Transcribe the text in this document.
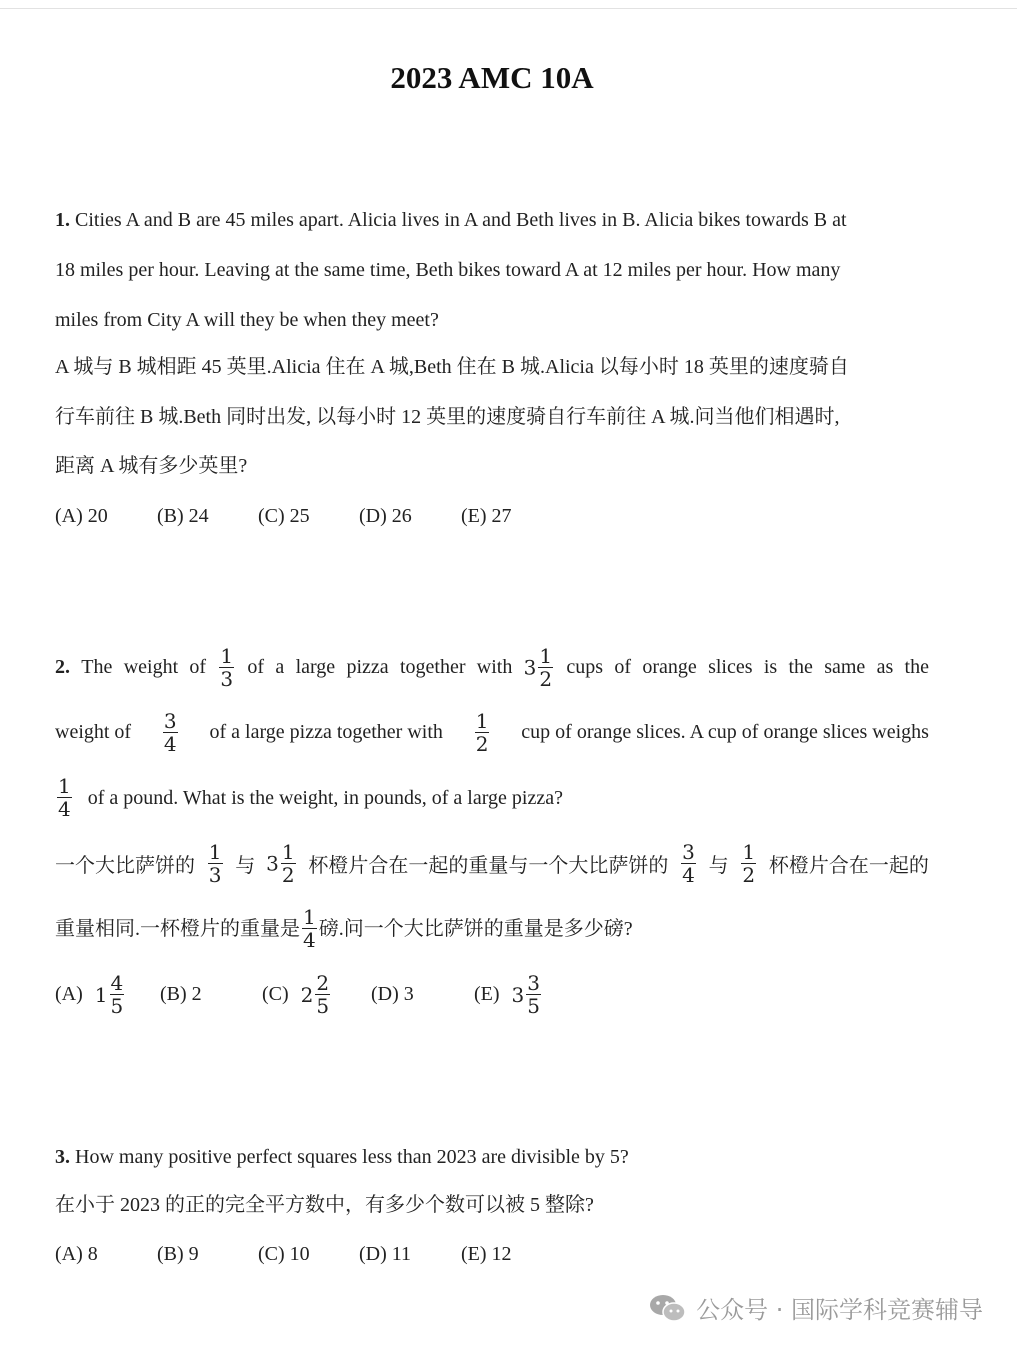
2023 AMC 10A
1. Cities A and B are 45 miles apart. Alicia lives in A and Beth lives in B. Alicia bikes towards B at
18 miles per hour. Leaving at the same time, Beth bikes toward A at 12 miles per hour. How many
miles from City A will they be when they meet?
A 城与 B 城相距 45 英里.Alicia 住在 A 城,Beth 住在 B 城.Alicia 以每小时 18 英里的速度骑自
行车前往 B 城.Beth 同时出发, 以每小时 12 英里的速度骑自行车前往 A 城.问当他们相遇时,
距离 A 城有多少英里?
(A) 20	(B) 24	(C) 25	(D) 26	(E) 27
2. The weight of $\frac{1}{3}$ of a large pizza together with $3 \frac{1}{2}$ cups of orange slices is the same as the
weight of $\frac{3}{4}$ of a large pizza together with $\frac{1}{2}$ cup of orange slices. A cup of orange slices weighs
$\frac{1}{4}$ of a pound. What is the weight, in pounds, of a large pizza?
一个大比萨饼的 $\frac{1}{3}$ 与 $3 \frac{1}{2}$ 杯橙片合在一起的重量与一个大比萨饼的 $\frac{3}{4}$ 与 $\frac{1}{2}$ 杯橙片合在一起的
重量相同.一杯橙片的重量是 $\frac{1}{4}$ 磅.问一个大比萨饼的重量是多少磅?
(A) $1 \frac{4}{5} (B)$ 2	(C) $2 \frac{2}{5} (D)$ 3	(E) $3 \frac{3}{5}$
3. How many positive perfect squares less than 2023 are divisible by 5?
在小于 2023 的正的完全平方数中，有多少个数可以被 5 整除?
(A) 8	(B) 9	(C) 10	(D) 11	(E) 12
公众号 · 国际学科竞赛辅导
